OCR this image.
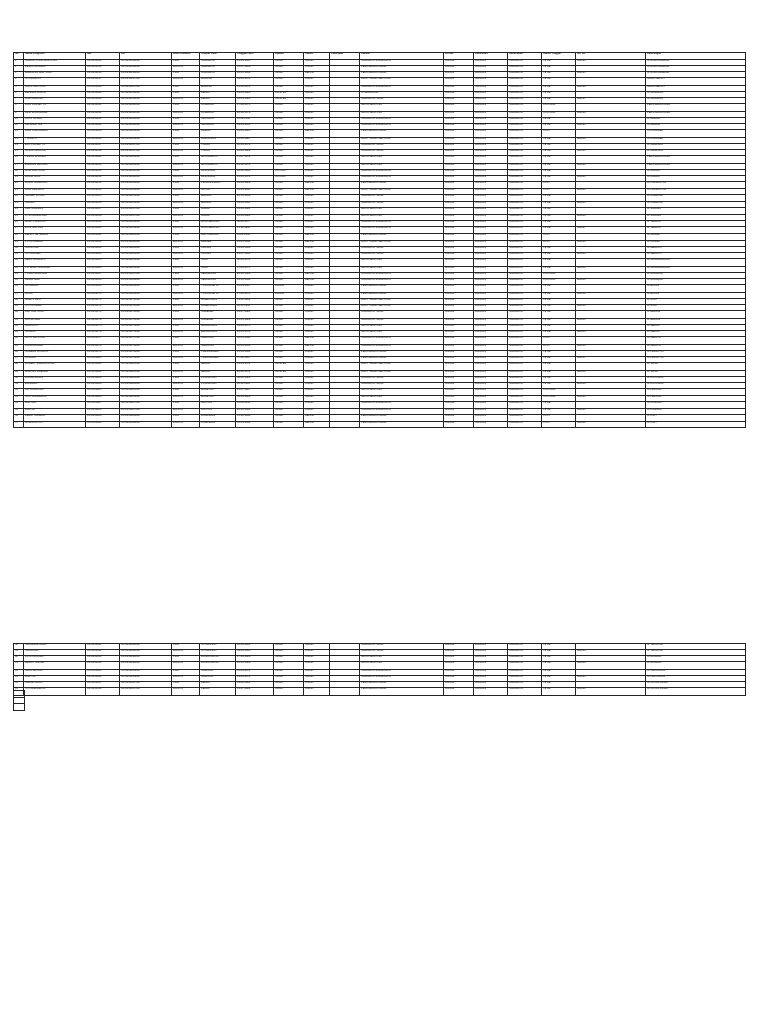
No	Nama Penghuni	NIK	KK	Jenis Kelamin	Tempat Lahir	Tanggal Lahir	Agama	Status	Pekerjaan	Alamat	RT/RW	Kelurahan	Kecamatan	Status Tinggal	No. HP	Keterangan
1	SURANTO DWI HARYONO	3578051234	3578051234000	PRIA	SURABAYA	12-04-1965	ISLAM	KAWIN		SURABAYA SURAKARTA	002/004	BANGUN	SURABAYA	TETAP	081234	JL AURA DHARMA
2	DEWI PURNAMA	3578051235	3578051234000	WANITA	SURABAYA	15-07-1968	ISLAM	KAWIN		PERUMAHAN INDAH	002/004	BANGUN	SURABAYA	TETAP		JL AURA DHARMA
3	BAMBANG HARYONO	3578051236	3578051234000	PRIA	SURABAYA	22-01-1990	ISLAM	BELUM		PERUMAHAN INDAH	002/004	BANGUN	SURABAYA	TETAP	081235	JL AURA DHARMA
4	SITI RAHAYU	3578051237	3578051237000	WANITA	MALANG	03-09-1972	ISLAM	KAWIN		BUKIT INDAH SENTOSA	003/004	BANGUN	SURABAYA	TETAP		GANG MELATI
5	AGUS SANTOSO	3578051238	3578051237000	PRIA	MALANG	10-10-1970	ISLAM	KAWIN		SURABAYA SURAKARTA	003/004	BANGUN	SURABAYA	TETAP	081236	GANG MELATI
6	HENDRA WIJAYA	3578051239	3578051239000	PRIA	KEDIRI	01-01-1980	KRISTEN	KAWIN		JL BERDIKARI	004/004	BANGUN	SURABAYA	TETAP		JL KENANGA
7	LINA MARLINA	3578051240	3578051239000	WANITA	KEDIRI	05-05-1983	KRISTEN	KAWIN		SURABAYA TIMUR	004/004	BANGUN	SURABAYA	TETAP	081237	JL KENANGA
8	BUDI PRASETYO	3578051241	3578051241000	PRIA	JOMBANG	17-08-1975	ISLAM	KAWIN		GRIYA SENTOSA	005/004	BANGUN	SURABAYA	KONTRAK		PERUMAHAN ASRI
9	RINA WULANDARI	3578051242	3578051241000	WANITA	JOMBANG	20-02-1978	ISLAM	KAWIN		GRIYA SENTOSA	005/004	BANGUN	SURABAYA	KONTRAK	081238	PERUMAHAN ASRI
10	JOKO SUSILO	3578051243	3578051243000	PRIA	SIDOARJO	11-11-1960	ISLAM	KAWIN		SURABAYA SURAKARTA	001/004	BANGUN	SURABAYA	TETAP		JL MAWAR
11	SRI WAHYUNI	3578051244	3578051243000	WANITA	SIDOARJO	09-03-1963	ISLAM	KAWIN		SURABAYA SURAKARTA	001/004	BANGUN	SURABAYA	TETAP	081239	JL MAWAR
12	ANDI KURNIAWAN	3578051245	3578051245000	PRIA	GRESIK	14-06-1985	ISLAM	BELUM		PERUMAHAN INDAH	002/004	BANGUN	SURABAYA	KOST		JL ANGGREK
13	YULIANTI	3578051246	3578051246000	WANITA	LAMONGAN	25-12-1987	ISLAM	KAWIN		BUKIT INDAH SENTOSA	003/004	BANGUN	SURABAYA	TETAP	081240	JL ANGGREK
14	EKO PRASETYO	3578051247	3578051247000	PRIA	TUBAN	30-04-1979	ISLAM	KAWIN		SURABAYA TIMUR	004/004	BANGUN	SURABAYA	TETAP		JL CEMPAKA
15	NURUL HIDAYAH	3578051248	3578051247000	WANITA	TUBAN	18-08-1982	ISLAM	KAWIN		SURABAYA TIMUR	004/004	BANGUN	SURABAYA	TETAP	081241	JL CEMPAKA
16	TEGUH WIBOWO	3578051249	3578051249000	PRIA	MOJOKERTO	07-07-1974	ISLAM	KAWIN		GRIYA SENTOSA	005/004	BANGUN	SURABAYA	TETAP		PERUMAHAN ASRI
17	ENDANG LESTARI	3578051250	3578051249000	WANITA	MOJOKERTO	12-12-1976	ISLAM	KAWIN		GRIYA SENTOSA	005/004	BANGUN	SURABAYA	TETAP	081242	PERUMAHAN ASRI
18	RUDI HARTONO	3578051251	3578051251000	PRIA	PASURUAN	02-02-1969	KATOLIK	KAWIN		SURABAYA SURAKARTA	001/004	BANGUN	SURABAYA	TETAP		JL DAHLIA
19	MARIA ULFA	3578051252	3578051251000	WANITA	PASURUAN	23-05-1971	KATOLIK	KAWIN		SURABAYA SURAKARTA	001/004	BANGUN	SURABAYA	TETAP	081243	JL DAHLIA
20	FAJAR NUGROHO	3578051253	3578051253000	PRIA	PROBOLINGGO	16-09-1988	ISLAM	BELUM		PERUMAHAN INDAH	002/004	BANGUN	SURABAYA	KOST		JL FLAMBOYAN
21	DIAN PERMATA	3578051254	3578051254000	WANITA	BLITAR	04-04-1991	ISLAM	BELUM		BUKIT INDAH SENTOSA	003/004	BANGUN	SURABAYA	KOST	081244	JL FLAMBOYAN
22	SLAMET RIYADI	3578051255	3578051255000	PRIA	MADIUN	28-10-1958	ISLAM	KAWIN		SURABAYA TIMUR	004/004	BANGUN	SURABAYA	TETAP		JL KAMBOJA
23	SUMIATI	3578051256	3578051255000	WANITA	MADIUN	13-01-1961	ISLAM	KAWIN		SURABAYA TIMUR	004/004	BANGUN	SURABAYA	TETAP	081245	JL KAMBOJA
24	ARIF RAHMAN	3578051257	3578051257000	PRIA	NGAWI	19-03-1984	ISLAM	KAWIN		GRIYA SENTOSA	005/004	BANGUN	SURABAYA	TETAP		JL SAKURA
25	FITRI HANDAYANI	3578051258	3578051257000	WANITA	NGAWI	26-06-1986	ISLAM	KAWIN		GRIYA SENTOSA	005/004	BANGUN	SURABAYA	TETAP	081246	JL SAKURA
26	WAHYU HIDAYAT	3578051259	3578051259000	PRIA	BOJONEGORO	08-08-1977	ISLAM	KAWIN		SURABAYA SURAKARTA	001/004	BANGUN	SURABAYA	TETAP		JL TERATAI
27	LILIS SURYANI	3578051260	3578051259000	WANITA	BOJONEGORO	21-11-1980	ISLAM	KAWIN		SURABAYA SURAKARTA	001/004	BANGUN	SURABAYA	TETAP	081247	JL TERATAI
28	DENNY SETIAWAN	3578051261	3578051261000	PRIA	BANYUWANGI	11-02-1992	ISLAM	BELUM		PERUMAHAN INDAH	002/004	BANGUN	SURABAYA	KOST		JL KENARI
29	PUTRI AMELIA	3578051262	3578051262000	WANITA	JEMBER	15-05-1993	ISLAM	BELUM		BUKIT INDAH SENTOSA	003/004	BANGUN	SURABAYA	KOST	081248	JL KENARI
30	SUPRIYADI	3578051263	3578051263000	PRIA	KLATEN	03-03-1966	ISLAM	KAWIN		SURABAYA TIMUR	004/004	BANGUN	SURABAYA	TETAP		JL MERPATI
31	SITI AMINAH	3578051264	3578051263000	WANITA	KLATEN	29-07-1969	ISLAM	KAWIN		SURABAYA TIMUR	004/004	BANGUN	SURABAYA	TETAP	081249	JL MERPATI
32	HERU SUSANTO	3578051265	3578051265000	PRIA	SOLO	06-06-1973	ISLAM	KAWIN		GRIYA SENTOSA	005/004	BANGUN	SURABAYA	TETAP		JL CENDRAWASIH
33	TRI WAHYUNINGSIH	3578051266	3578051265000	WANITA	SOLO	17-09-1975	ISLAM	KAWIN		GRIYA SENTOSA	005/004	BANGUN	SURABAYA	TETAP	081250	JL CENDRAWASIH
34	YUSUF MAULANA	3578051267	3578051267000	PRIA	SEMARANG	24-12-1989	ISLAM	BELUM		SURABAYA SURAKARTA	001/004	BANGUN	SURABAYA	KONTRAK		JL RAJAWALI
35	INDAH SARI	3578051268	3578051268000	WANITA	SEMARANG	01-10-1990	ISLAM	BELUM		SURABAYA SURAKARTA	001/004	BANGUN	SURABAYA	KONTRAK	081251	JL RAJAWALI
36	GUNAWAN	3578051269	3578051269000	PRIA	YOGYAKARTA	10-04-1967	BUDHA	KAWIN		PERUMAHAN INDAH	002/004	BANGUN	SURABAYA	TETAP		JL ELANG
37	LIANA	3578051270	3578051269000	WANITA	YOGYAKARTA	27-08-1970	BUDHA	KAWIN		PERUMAHAN INDAH	002/004	BANGUN	SURABAYA	TETAP	081252	JL ELANG
38	IMAM SYAFII	3578051271	3578051271000	PRIA	PAMEKASAN	14-02-1962	ISLAM	KAWIN		BUKIT INDAH SENTOSA	003/004	BANGUN	SURABAYA	TETAP		JL NURI
39	SITI FATIMAH	3578051272	3578051271000	WANITA	PAMEKASAN	05-11-1965	ISLAM	KAWIN		BUKIT INDAH SENTOSA	003/004	BANGUN	SURABAYA	TETAP	081253	JL NURI
40	DWI CAHYONO	3578051273	3578051273000	PRIA	SUMENEP	19-07-1981	ISLAM	KAWIN		SURABAYA TIMUR	004/004	BANGUN	SURABAYA	TETAP		JL BELIBIS
41	RATNA SARI	3578051274	3578051273000	WANITA	SUMENEP	22-03-1984	ISLAM	KAWIN		SURABAYA TIMUR	004/004	BANGUN	SURABAYA	TETAP	081254	JL BELIBIS
42	HARIANTO	3578051275	3578051275000	PRIA	BANGKALAN	09-09-1976	ISLAM	KAWIN		GRIYA SENTOSA	005/004	BANGUN	SURABAYA	TETAP		JL MERAK
43	SUSANTI	3578051276	3578051275000	WANITA	BANGKALAN	12-05-1979	ISLAM	KAWIN		GRIYA SENTOSA	005/004	BANGUN	SURABAYA	TETAP	081255	JL MERAK
44	BAYU SAPUTRA	3578051277	3578051277000	PRIA	SAMPANG	30-01-1994	ISLAM	BELUM		SURABAYA SURAKARTA	001/004	BANGUN	SURABAYA	KOST		JL GELATIK
45	ANISA RAHMA	3578051278	3578051278000	WANITA	SAMPANG	18-06-1995	ISLAM	BELUM		SURABAYA SURAKARTA	001/004	BANGUN	SURABAYA	KOST	081256	JL GELATIK
46	SUGENG RIYANTO	3578051279	3578051279000	PRIA	TRENGGALEK	25-10-1964	ISLAM	KAWIN		PERUMAHAN INDAH	002/004	BANGUN	SURABAYA	TETAP		JL PERKUTUT
47	KASMINI	3578051280	3578051279000	WANITA	TRENGGALEK	07-12-1967	ISLAM	KAWIN		PERUMAHAN INDAH	002/004	BANGUN	SURABAYA	TETAP	081257	JL PERKUTUT
48	ROBERT SIMANJUNTAK	3578051281	3578051281000	PRIA	MEDAN	13-04-1972	KRISTEN	KAWIN		BUKIT INDAH SENTOSA	003/004	BANGUN	SURABAYA	TETAP		JL JALAK
49	MARTHA SIREGAR	3578051282	3578051281000	WANITA	MEDAN	28-08-1974	KRISTEN	KAWIN		BUKIT INDAH SENTOSA	003/004	BANGUN	SURABAYA	TETAP	081258	JL JALAK
50	ZAINAL ARIFIN	3578051283	3578051283000	PRIA	PONOROGO	04-02-1983	ISLAM	KAWIN		SURABAYA TIMUR	004/004	BANGUN	SURABAYA	TETAP		JL KUTILANG
51	ERNAWATI	3578051284	3578051283000	WANITA	PONOROGO	16-11-1985	ISLAM	KAWIN		SURABAYA TIMUR	004/004	BANGUN	SURABAYA	TETAP	081259	JL KUTILANG
52	ADI NUGROHO	3578051285	3578051285000	PRIA	MAGETAN	21-07-1987	ISLAM	KAWIN		GRIYA SENTOSA	005/004	BANGUN	SURABAYA	KONTRAK		JL PELIKAN
53	NOVI ANGGRAINI	3578051286	3578051285000	WANITA	MAGETAN	02-09-1989	ISLAM	KAWIN		GRIYA SENTOSA	005/004	BANGUN	SURABAYA	KONTRAK	081260	JL PELIKAN
54	MULYADI	3578051287	3578051287000	PRIA	PACITAN	11-03-1959	ISLAM	KAWIN		SURABAYA SURAKARTA	001/004	BANGUN	SURABAYA	TETAP		JL KASUARI
55	PARTINI	3578051288	3578051287000	WANITA	PACITAN	24-06-1962	ISLAM	KAWIN		SURABAYA SURAKARTA	001/004	BANGUN	SURABAYA	TETAP	081261	JL KASUARI
56	FERRY IRAWAN	3578051289	3578051289000	PRIA	LUMAJANG	15-12-1990	ISLAM	BELUM		PERUMAHAN INDAH	002/004	BANGUN	SURABAYA	KOST		JL PIPIT
57	WINDA ASTUTI	3578051290	3578051290000	WANITA	LUMAJANG	08-05-1992	ISLAM	BELUM		PERUMAHAN INDAH	002/004	BANGUN	SURABAYA	KOST	081262	JL PIPIT
58	SUPARMAN HADI	3578051291	3578051291000	PRIA	SITUBONDO	20-08-1963	ISLAM	KAWIN		SURABAYA TIMUR	004/004	BANGUN	SURABAYA	TETAP		JL TEKUKUR
59	SUKARSIH	3578051292	3578051291000	WANITA	SITUBONDO	03-01-1966	ISLAM	KAWIN		SURABAYA TIMUR	004/004	BANGUN	SURABAYA	TETAP	081263	JL TEKUKUR
60	DONI KUSUMA	3578051293	3578051293000	PRIA	BONDOWOSO	27-04-1986	ISLAM	KAWIN		GRIYA SENTOSA	005/004	BANGUN	SURABAYA	TETAP		JL BANGAU
61	MELATI SUKMA	3578051294	3578051293000	WANITA	BONDOWOSO	10-10-1988	ISLAM	KAWIN		GRIYA SENTOSA	005/004	BANGUN	SURABAYA	TETAP	081264	JL BANGAU
62	IWAN SETIADI	3578051295	3578051295000	PRIA	NGANJUK	06-06-1971	ISLAM	KAWIN		SURABAYA SURAKARTA	001/004	BANGUN	SURABAYA	TETAP		JL KEPODANG
63	HARTINI	3578051296	3578051295000	WANITA	NGANJUK	19-09-1973	ISLAM	KAWIN		SURABAYA SURAKARTA	001/004	BANGUN	SURABAYA	TETAP	081265	JL KEPODANG
64	AHMAD FAUZI	3578051297	3578051297000	PRIA	KEDIRI	23-02-1982	ISLAM	KAWIN		PERUMAHAN INDAH	002/004	BANGUN	SURABAYA	TETAP		JL CUCAK RAWA
65	SITI MAESAROH	3578051298	3578051297000	WANITA	KEDIRI	14-07-1984	ISLAM	KAWIN		PERUMAHAN INDAH	002/004	BANGUN	SURABAYA	TETAP	081266	JL CUCAK RAWA
